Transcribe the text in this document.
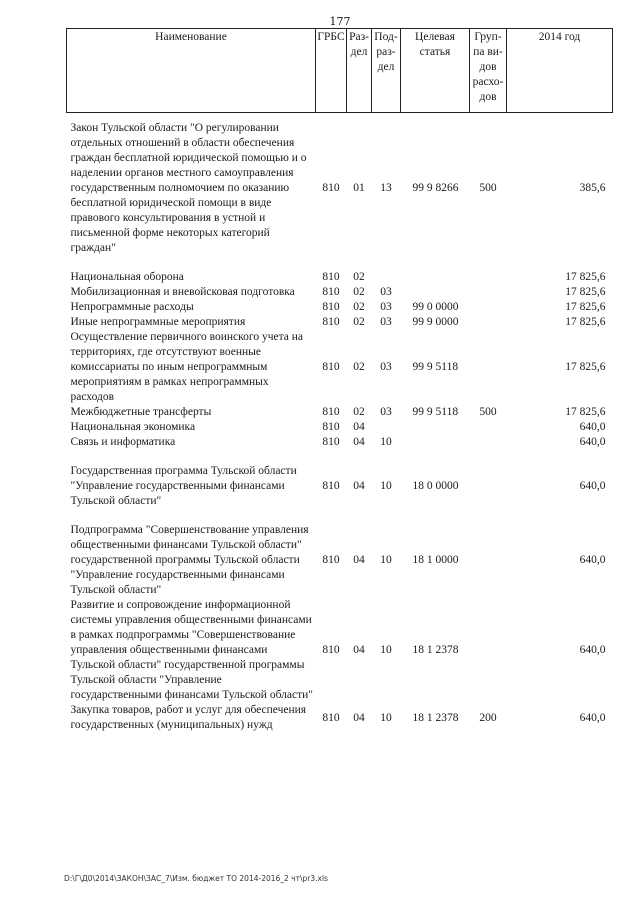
177
Наименование	ГРБС	Раз-дел	Под-раз-дел	Целевая статья	Груп-па ви-дов расхо-дов	2014 год

Закон Тульской области "О регулировании отдельных отношений в области обеспечения граждан бесплатной юридической помощью и о наделении органов местного самоуправления государственным полномочием по оказанию бесплатной юридической помощи в виде правового консультирования в устной и письменной форме некоторых категорий граждан"	810	01	13	99 9 8266	500	385,6

Национальная оборона	810	02				17 825,6
Мобилизационная и вневойсковая подготовка	810	02	03			17 825,6
Непрограммные расходы	810	02	03	99 0 0000		17 825,6
Иные непрограммные мероприятия	810	02	03	99 9 0000		17 825,6
Осуществление первичного воинского учета на территориях, где отсутствуют военные комиссариаты по иным непрограммным мероприятиям в рамках непрограммных расходов	810	02	03	99 9 5118		17 825,6
Межбюджетные трансферты	810	02	03	99 9 5118	500	17 825,6
Национальная экономика	810	04				640,0
Связь и информатика	810	04	10			640,0

Государственная программа Тульской области "Управление государственными финансами Тульской области"	810	04	10	18 0 0000		640,0

Подпрограмма "Совершенствование управления общественными финансами Тульской области" государственной программы Тульской области "Управление государственными финансами Тульской области"	810	04	10	18 1 0000		640,0
Развитие и сопровождение информационной системы управления общественными финансами в рамках подпрограммы "Совершенствование управления общественными финансами Тульской области" государственной программы Тульской области "Управление государственными финансами Тульской области"	810	04	10	18 1 2378		640,0
Закупка товаров, работ и услуг для обеспечения государственных (муниципальных) нужд	810	04	10	18 1 2378	200	640,0
D:\Г\Д0\2014\ЗАКОН\ЗАС_7\Изм. бюджет ТО 2014-2016_2 чт\pr3.xls
